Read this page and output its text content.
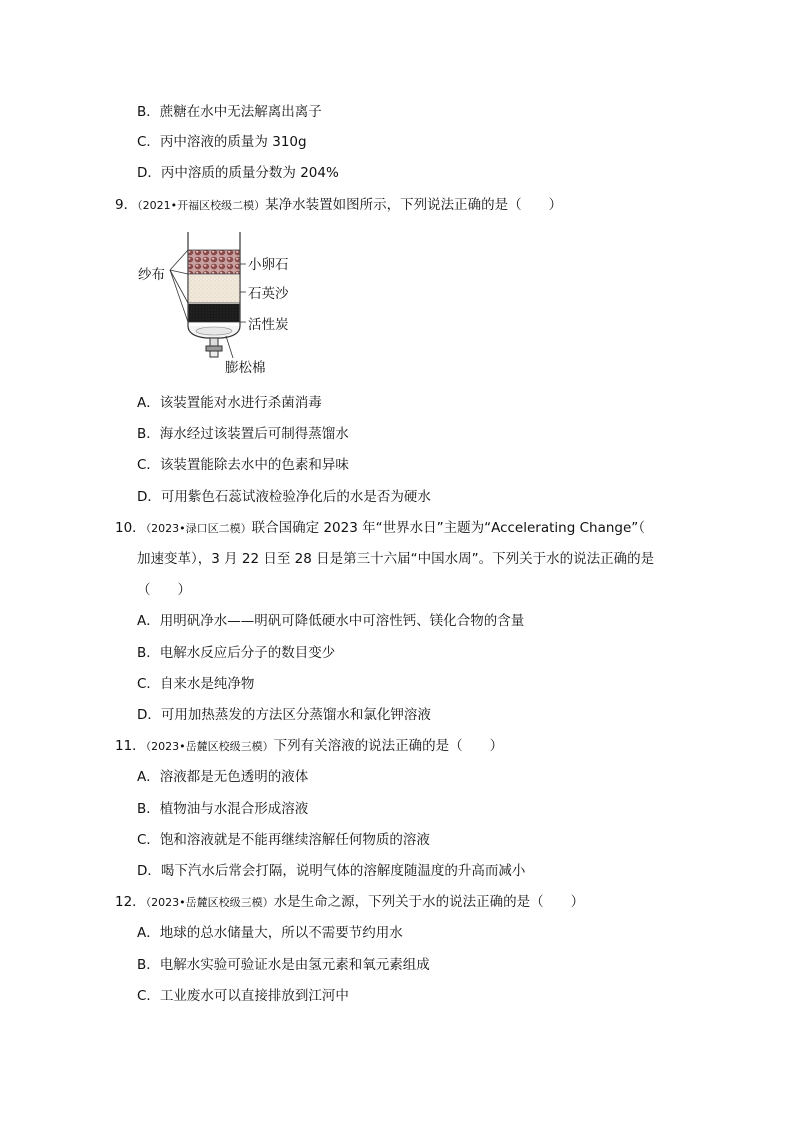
B．蔗糖在水中无法解离出离子
C．丙中溶液的质量为 310g
D．丙中溶质的质量分数为 204%
9．（2021•开福区校级二模）某净水装置如图所示，下列说法正确的是（　　）
纱布
小卵石
石英沙
活性炭
膨松棉
A．该装置能对水进行杀菌消毒
B．海水经过该装置后可制得蒸馏水
C．该装置能除去水中的色素和异味
D．可用紫色石蕊试液检验净化后的水是否为硬水
10．（2023•渌口区二模）联合国确定 2023 年“世界水日”主题为“Accelerating Change”（
加速变革），3 月 22 日至 28 日是第三十六届“中国水周”。下列关于水的说法正确的是
（　　）
A．用明矾净水——明矾可降低硬水中可溶性钙、镁化合物的含量
B．电解水反应后分子的数目变少
C．自来水是纯净物
D．可用加热蒸发的方法区分蒸馏水和氯化钾溶液
11．（2023•岳麓区校级三模）下列有关溶液的说法正确的是（　　）
A．溶液都是无色透明的液体
B．植物油与水混合形成溶液
C．饱和溶液就是不能再继续溶解任何物质的溶液
D．喝下汽水后常会打隔，说明气体的溶解度随温度的升高而减小
12．（2023•岳麓区校级三模）水是生命之源，下列关于水的说法正确的是（　　）
A．地球的总水储量大，所以不需要节约用水
B．电解水实验可验证水是由氢元素和氧元素组成
C．工业废水可以直接排放到江河中
